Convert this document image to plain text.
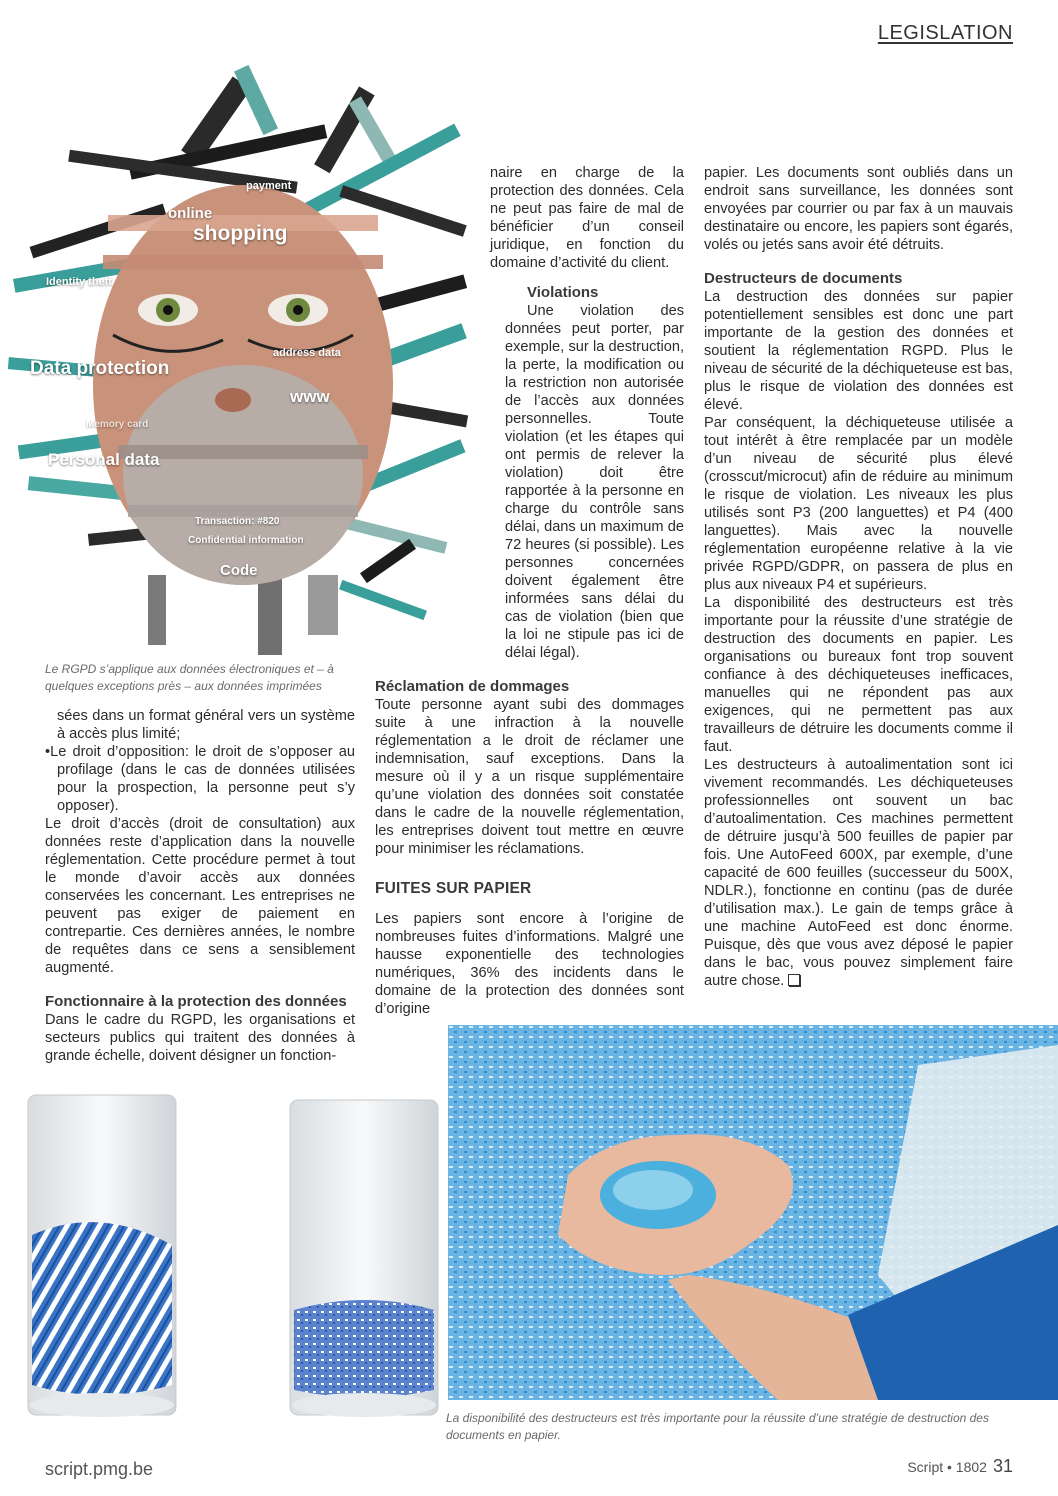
LEGISLATION
payment
online
shopping
Identity theft
Data protection
address data
www
Memory card
Personal data
Transaction: #820
Confidential information
Code
Le RGPD s’applique aux données électroniques et – à quelques exceptions près – aux données imprimées

sées dans un format général vers un système à accès plus limité;

•Le droit d’opposition: le droit de s’opposer au profilage (dans le cas de données utilisées pour la prospection, la personne peut s’y opposer).

Le droit d’accès (droit de consultation) aux données reste d’application dans la nouvelle réglementation. Cette procédure permet à tout le monde d’avoir accès aux données conservées les concernant. Les entreprises ne peuvent pas exiger de paiement en contrepartie. Ces dernières années, le nombre de requêtes dans ce sens a sensiblement augmenté.

Fonctionnaire à la protection des données

Dans le cadre du RGPD, les organisations et secteurs publics qui traitent des données à grande échelle, doivent désigner un fonction-

naire en charge de la protection des données. Cela ne peut pas faire de mal de bénéficier d’un conseil juridique, en fonction du domaine d’activité du client.

Violations

Une violation des données peut porter, par exemple, sur la destruction, la perte, la modification ou la restriction non autorisée de l’accès aux données personnelles. Toute violation (et les étapes qui ont permis de relever la violation) doit être rapportée à la personne en charge du contrôle sans délai, dans un maximum de 72 heures (si possible). Les personnes concernées doivent également être informées sans délai du cas de violation (bien que la loi ne stipule pas ici de délai légal).

Réclamation de dommages

Toute personne ayant subi des dommages suite à une infraction à la nouvelle réglementation a le droit de réclamer une indemnisation, sauf exceptions. Dans la mesure où il y a un risque supplémentaire qu’une violation des données soit constatée dans le cadre de la nouvelle réglementation, les entreprises doivent tout mettre en œuvre pour minimiser les réclamations.

FUITES SUR PAPIER

Les papiers sont encore à l’origine de nombreuses fuites d’informations. Malgré une hausse exponentielle des technologies numériques, 36% des incidents dans le domaine de la protection des données sont d’origine

papier. Les documents sont oubliés dans un endroit sans surveillance, les données sont envoyées par courrier ou par fax à un mauvais destinataire ou encore, les papiers sont égarés, volés ou jetés sans avoir été détruits.

Destructeurs de documents

La destruction des données sur papier potentiellement sensibles est donc une part importante de la gestion des données et soutient la réglementation RGPD. Plus le niveau de sécurité de la déchiqueteuse est bas, plus le risque de violation des données est élevé.

Par conséquent, la déchiqueteuse utilisée a tout intérêt à être remplacée par un modèle d’un niveau de sécurité plus élevé (crosscut/microcut) afin de réduire au minimum le risque de violation. Les niveaux les plus utilisés sont P3 (200 languettes) et P4 (400 languettes). Mais avec la nouvelle réglementation européenne relative à la vie privée RGPD/GDPR, on passera de plus en plus aux niveaux P4 et supérieurs.

La disponibilité des destructeurs est très importante pour la réussite d’une stratégie de destruction des documents en papier. Les organisations ou bureaux font trop souvent confiance à des déchiqueteuses inefficaces, manuelles qui ne répondent pas aux exigences, qui ne permettent pas aux travailleurs de détruire les documents comme il faut.

Les destructeurs à autoalimentation sont ici vivement recommandés. Les déchiqueteuses professionnelles ont souvent un bac d’autoalimentation. Ces machines permettent de détruire jusqu’à 500 feuilles de papier par fois. Une AutoFeed 600X, par exemple, d’une capacité de 600 feuilles (successeur du 500X, NDLR.), fonctionne en continu (pas de durée d’utilisation max.). Le gain de temps grâce à une machine AutoFeed est donc énorme. Puisque, dès que vous avez déposé le papier dans le bac, vous pouvez simplement faire autre chose.

La disponibilité des destructeurs est très importante pour la réussite d’une stratégie de destruction des documents en papier.
script.pmg.be	Script • 1802 31
